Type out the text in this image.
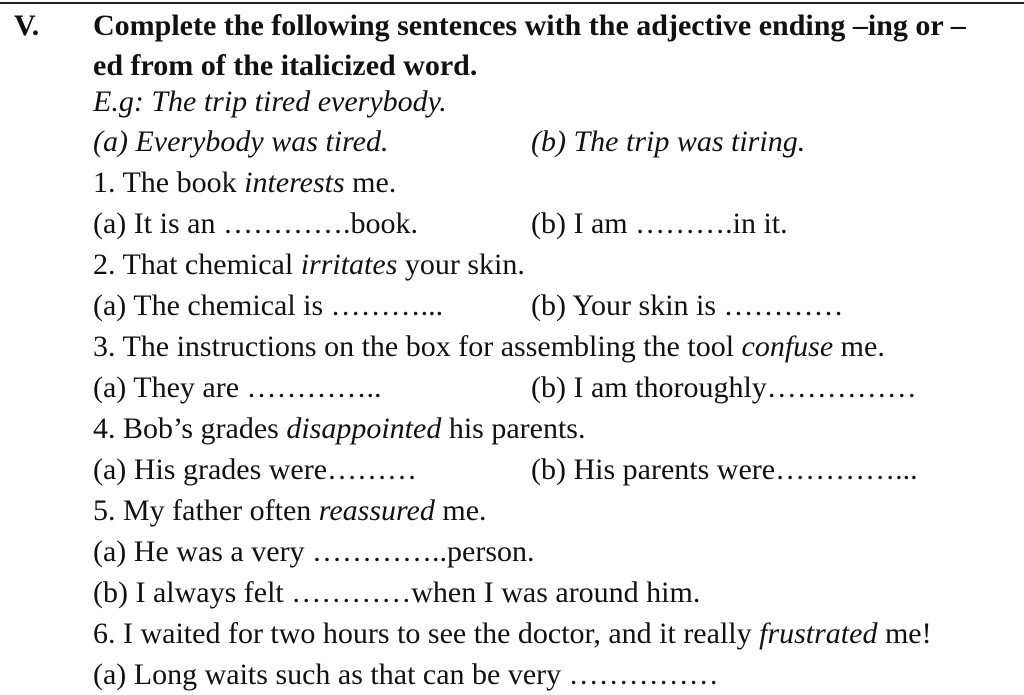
V. Complete the following sentences with the adjective ending –ing or –
ed from of the italicized word.
E.g: The trip tired everybody.
(a) Everybody was tired.	(b) The trip was tiring.
1. The book interests me.
(a) It is an ………….book.	(b) I am ……….in it.
2. That chemical irritates your skin.
(a) The chemical is ………...	(b) Your skin is …………
3. The instructions on the box for assembling the tool confuse me.
(a) They are …………..	(b) I am thoroughly……………
4. Bob’s grades disappointed his parents.
(a) His grades were………	(b) His parents were…………...
5. My father often reassured me.
(a) He was a very …………..person.
(b) I always felt …………when I was around him.
6. I waited for two hours to see the doctor, and it really frustrated me!
(a) Long waits such as that can be very ……………
